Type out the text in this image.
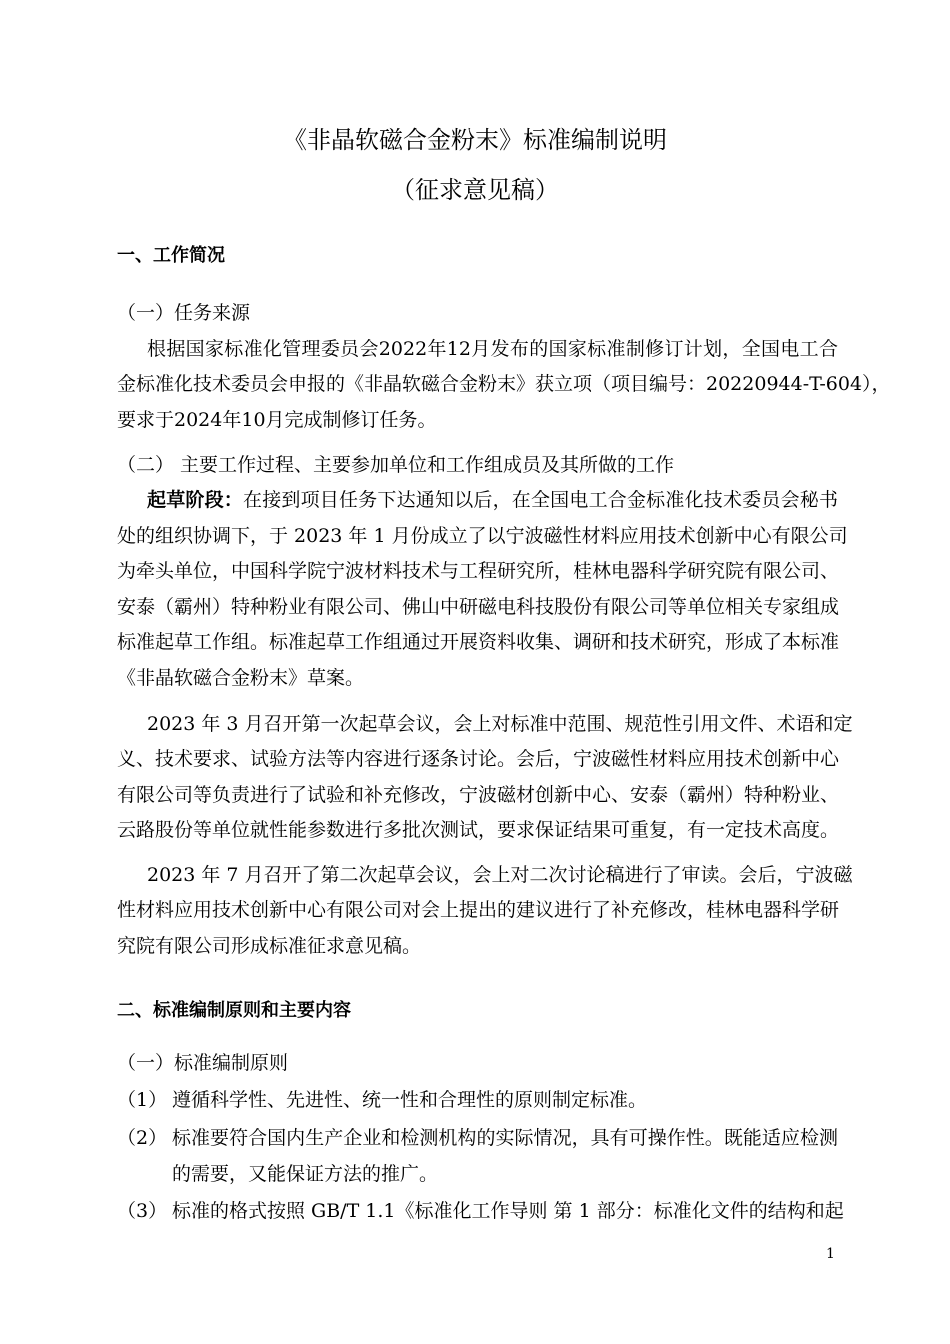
《非晶软磁合金粉末》标准编制说明
（征求意见稿）
一、工作简况
（一）任务来源
根据国家标准化管理委员会2022年12月发布的国家标准制修订计划，全国电工合
金标准化技术委员会申报的《非晶软磁合金粉末》获立项（项目编号：20220944-T-604），
要求于2024年10月完成制修订任务。
（二） 主要工作过程、主要参加单位和工作组成员及其所做的工作
起草阶段：在接到项目任务下达通知以后，在全国电工合金标准化技术委员会秘书
处的组织协调下，于 2023 年 1 月份成立了以宁波磁性材料应用技术创新中心有限公司
为牵头单位，中国科学院宁波材料技术与工程研究所，桂林电器科学研究院有限公司、
安泰（霸州）特种粉业有限公司、佛山中研磁电科技股份有限公司等单位相关专家组成
标准起草工作组。标准起草工作组通过开展资料收集、调研和技术研究，形成了本标准
《非晶软磁合金粉末》草案。
2023 年 3 月召开第一次起草会议，会上对标准中范围、规范性引用文件、术语和定
义、技术要求、试验方法等内容进行逐条讨论。会后，宁波磁性材料应用技术创新中心
有限公司等负责进行了试验和补充修改，宁波磁材创新中心、安泰（霸州）特种粉业、
云路股份等单位就性能参数进行多批次测试，要求保证结果可重复，有一定技术高度。
2023 年 7 月召开了第二次起草会议，会上对二次讨论稿进行了审读。会后，宁波磁
性材料应用技术创新中心有限公司对会上提出的建议进行了补充修改，桂林电器科学研
究院有限公司形成标准征求意见稿。
二、标准编制原则和主要内容
（一）标准编制原则
（1） 遵循科学性、先进性、统一性和合理性的原则制定标准。
（2） 标准要符合国内生产企业和检测机构的实际情况，具有可操作性。既能适应检测
的需要，又能保证方法的推广。
（3） 标准的格式按照 GB/T 1.1《标准化工作导则 第 1 部分：标准化文件的结构和起
1
